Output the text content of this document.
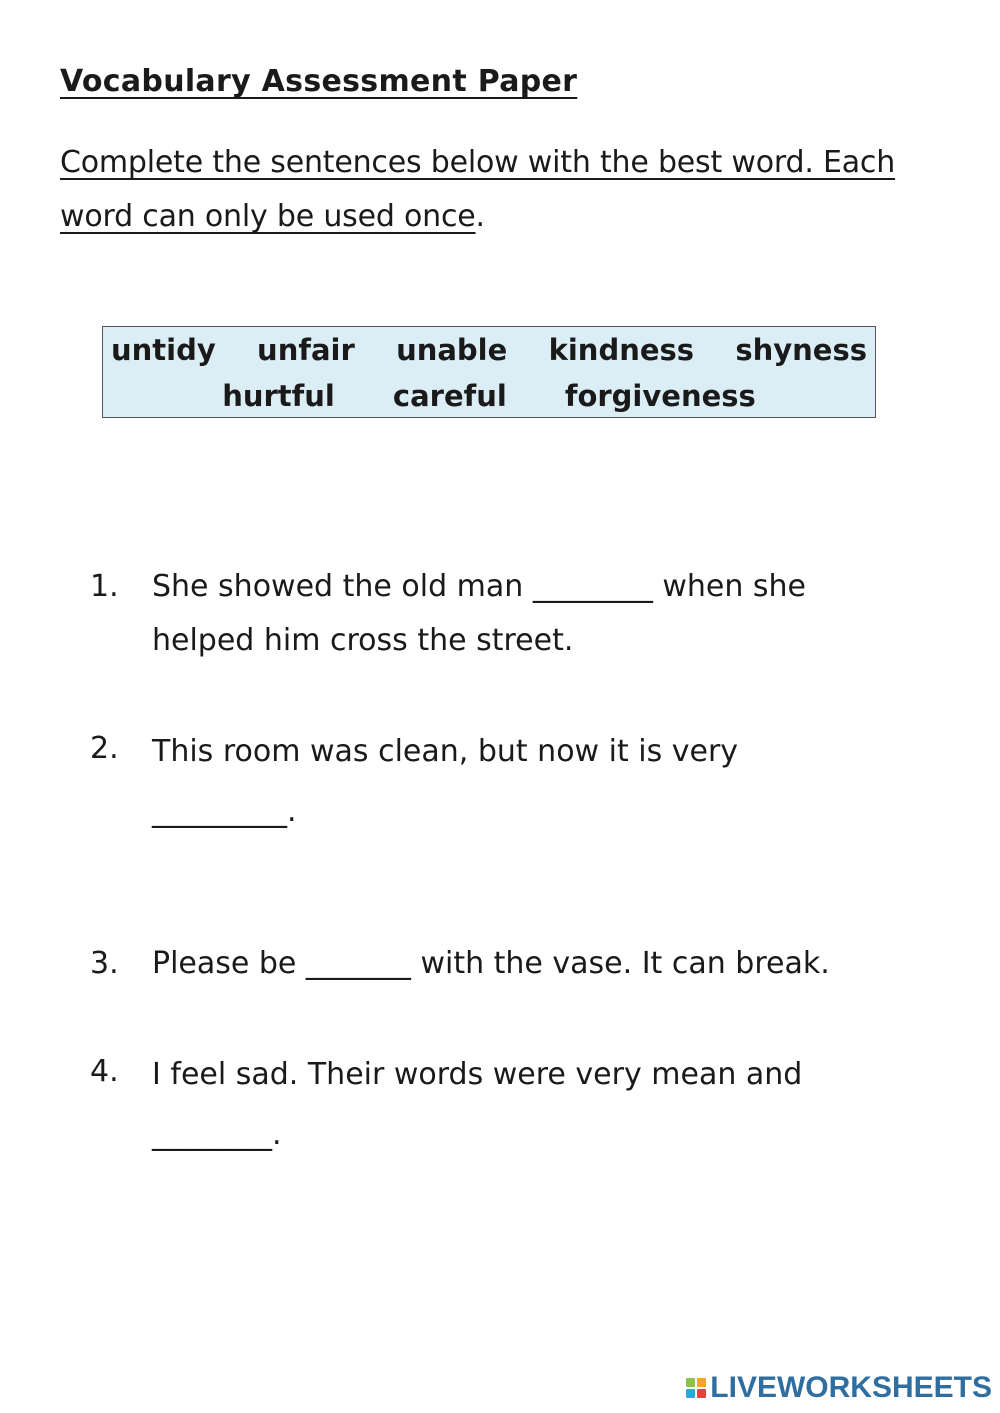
Vocabulary Assessment Paper
Complete the sentences below with the best word. Each word can only be used once.
untidy unfair unable kindness shyness
hurtful careful forgiveness
1.	She showed the old man ________ when she helped him cross the street.
2.	This room was clean, but now it is very _________.
3.	Please be _______ with the vase. It can break.
4.	I feel sad. Their words were very mean and ________.
LIVEWORKSHEETS
